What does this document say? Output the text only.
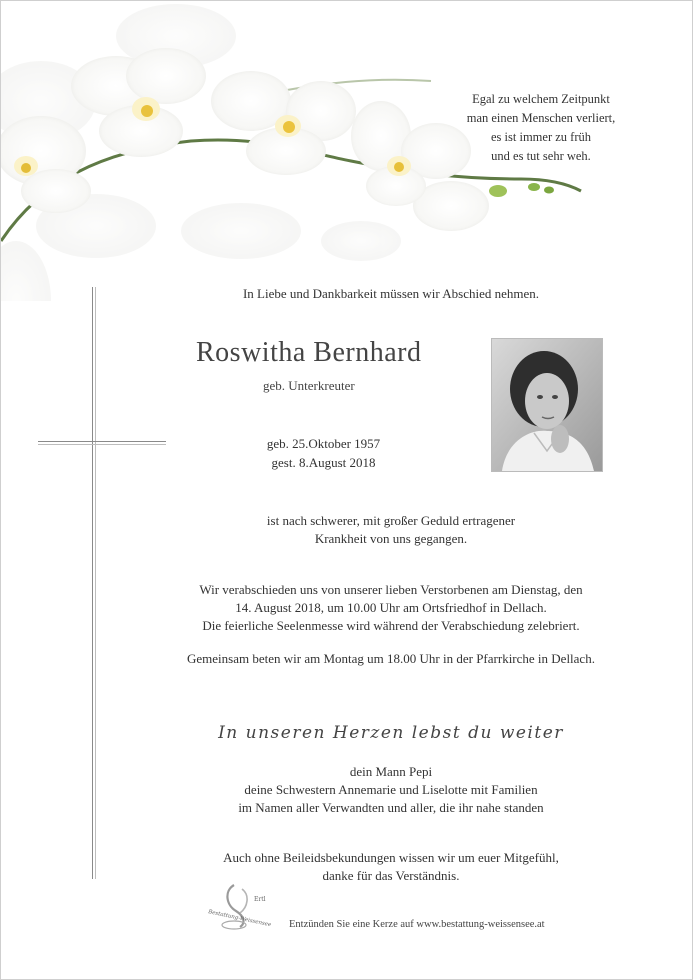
Egal zu welchem Zeitpunkt
man einen Menschen verliert,
es ist immer zu früh
und es tut sehr weh.
In Liebe und Dankbarkeit müssen wir Abschied nehmen.
Roswitha Bernhard
geb. Unterkreuter
geb. 25.Oktober 1957
gest. 8.August 2018
ist nach schwerer, mit großer Geduld ertragener
Krankheit von uns gegangen.
Wir verabschieden uns von unserer lieben Verstorbenen am Dienstag, den
14. August 2018, um 10.00 Uhr am Ortsfriedhof in Dellach.
Die feierliche Seelenmesse wird während der Verabschiedung zelebriert.
Gemeinsam beten wir am Montag um 18.00 Uhr in der Pfarrkirche in Dellach.
In unseren Herzen lebst du weiter
dein Mann Pepi
deine Schwestern Annemarie und Liselotte mit Familien
im Namen aller Verwandten und aller, die ihr nahe standen
Auch ohne Beileidsbekundungen wissen wir um euer Mitgefühl,
danke für das Verständnis.
Ertl
Bestattung-Weissensee Entzünden Sie eine Kerze auf www.bestattung-weissensee.at
